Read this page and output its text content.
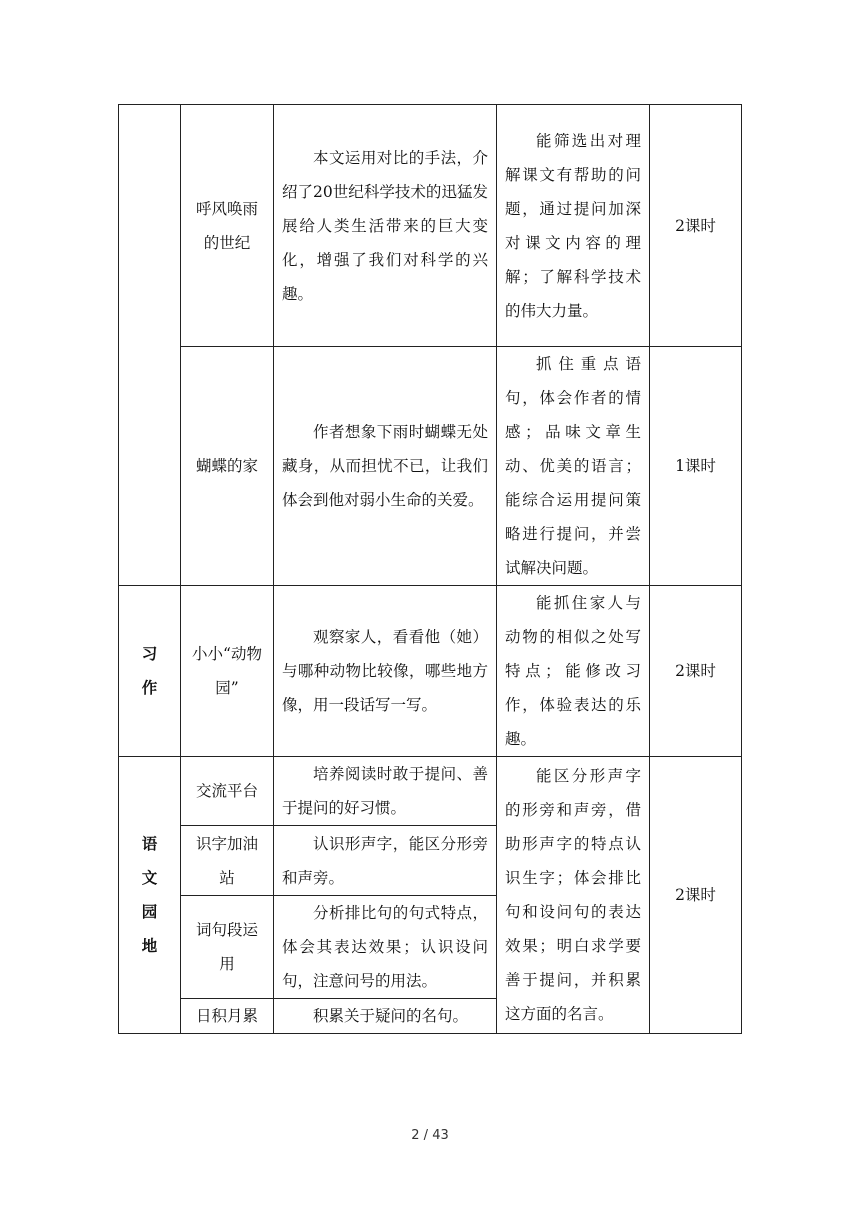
	呼风唤雨的世纪	本文运用对比的手法，介绍了20世纪科学技术的迅猛发展给人类生活带来的巨大变化，增强了我们对科学的兴趣。	能筛选出对理解课文有帮助的问题，通过提问加深对课文内容的理解；了解科学技术的伟大力量。	2课时
	蝴蝶的家	作者想象下雨时蝴蝶无处藏身，从而担忧不已，让我们体会到他对弱小生命的关爱。	抓住重点语句，体会作者的情感；品味文章生动、优美的语言；能综合运用提问策略进行提问，并尝试解决问题。	1课时
习作	小小“动物园”	观察家人，看看他（她）与哪种动物比较像，哪些地方像，用一段话写一写。	能抓住家人与动物的相似之处写特点；能修改习作，体验表达的乐趣。	2课时
语文园地	交流平台	培养阅读时敢于提问、善于提问的好习惯。	能区分形声字的形旁和声旁，借助形声字的特点认识生字；体会排比句和设问句的表达效果；明白求学要善于提问，并积累这方面的名言。	2课时
	识字加油站	认识形声字，能区分形旁和声旁。		
	词句段运用	分析排比句的句式特点，体会其表达效果；认识设问句，注意问号的用法。		
	日积月累	积累关于疑问的名句。		
2 / 43
